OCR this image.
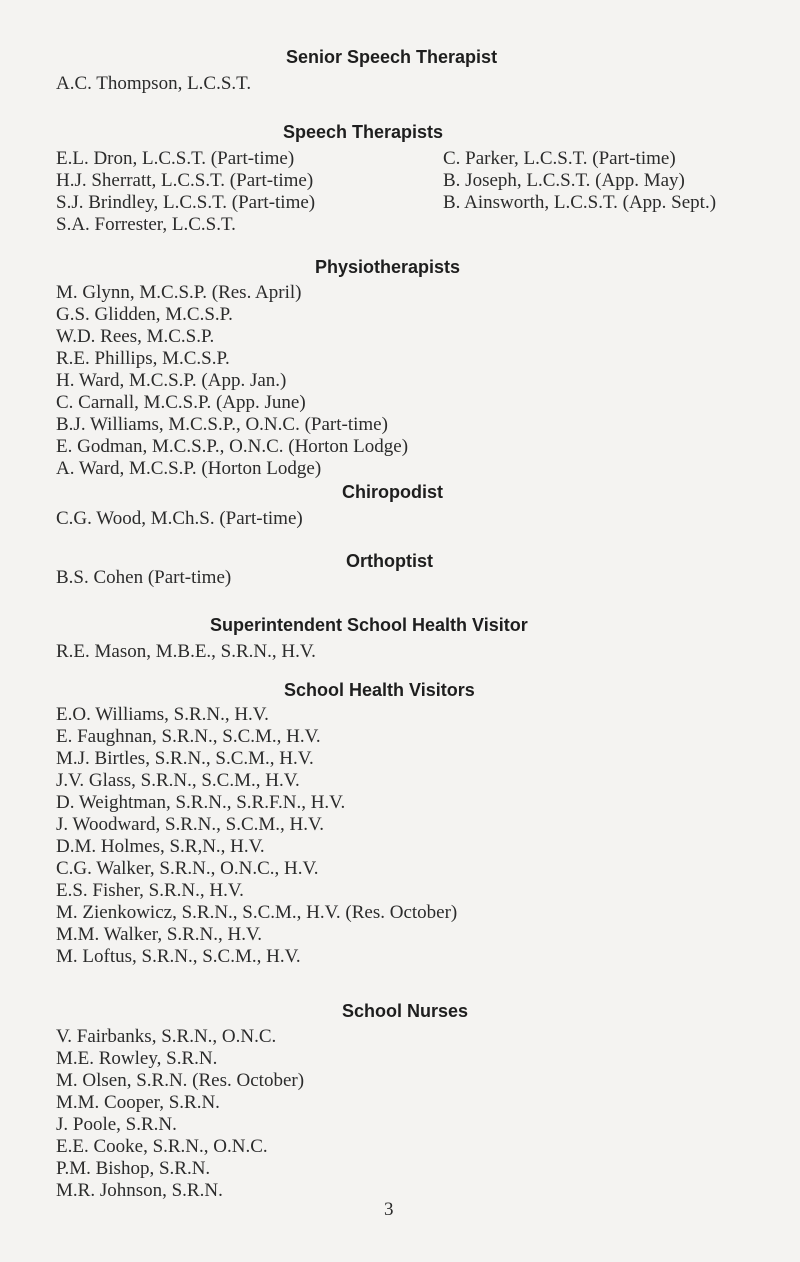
Senior Speech Therapist
A.C. Thompson, L.C.S.T.
Speech Therapists
E.L. Dron, L.C.S.T. (Part-time)
H.J. Sherratt, L.C.S.T. (Part-time)
S.J. Brindley, L.C.S.T. (Part-time)
S.A. Forrester, L.C.S.T.
C. Parker, L.C.S.T. (Part-time)
B. Joseph, L.C.S.T. (App. May)
B. Ainsworth, L.C.S.T. (App. Sept.)
Physiotherapists
M. Glynn, M.C.S.P. (Res. April)
G.S. Glidden, M.C.S.P.
W.D. Rees, M.C.S.P.
R.E. Phillips, M.C.S.P.
H. Ward, M.C.S.P. (App. Jan.)
C. Carnall, M.C.S.P. (App. June)
B.J. Williams, M.C.S.P., O.N.C. (Part-time)
E. Godman, M.C.S.P., O.N.C. (Horton Lodge)
A. Ward, M.C.S.P. (Horton Lodge)
Chiropodist
C.G. Wood, M.Ch.S. (Part-time)
Orthoptist
B.S. Cohen (Part-time)
Superintendent School Health Visitor
R.E. Mason, M.B.E., S.R.N., H.V.
School Health Visitors
E.O. Williams, S.R.N., H.V.
E. Faughnan, S.R.N., S.C.M., H.V.
M.J. Birtles, S.R.N., S.C.M., H.V.
J.V. Glass, S.R.N., S.C.M., H.V.
D. Weightman, S.R.N., S.R.F.N., H.V.
J. Woodward, S.R.N., S.C.M., H.V.
D.M. Holmes, S.R,N., H.V.
C.G. Walker, S.R.N., O.N.C., H.V.
E.S. Fisher, S.R.N., H.V.
M. Zienkowicz, S.R.N., S.C.M., H.V. (Res. October)
M.M. Walker, S.R.N., H.V.
M. Loftus, S.R.N., S.C.M., H.V.
School Nurses
V. Fairbanks, S.R.N., O.N.C.
M.E. Rowley, S.R.N.
M. Olsen, S.R.N. (Res. October)
M.M. Cooper, S.R.N.
J. Poole, S.R.N.
E.E. Cooke, S.R.N., O.N.C.
P.M. Bishop, S.R.N.
M.R. Johnson, S.R.N.
3
